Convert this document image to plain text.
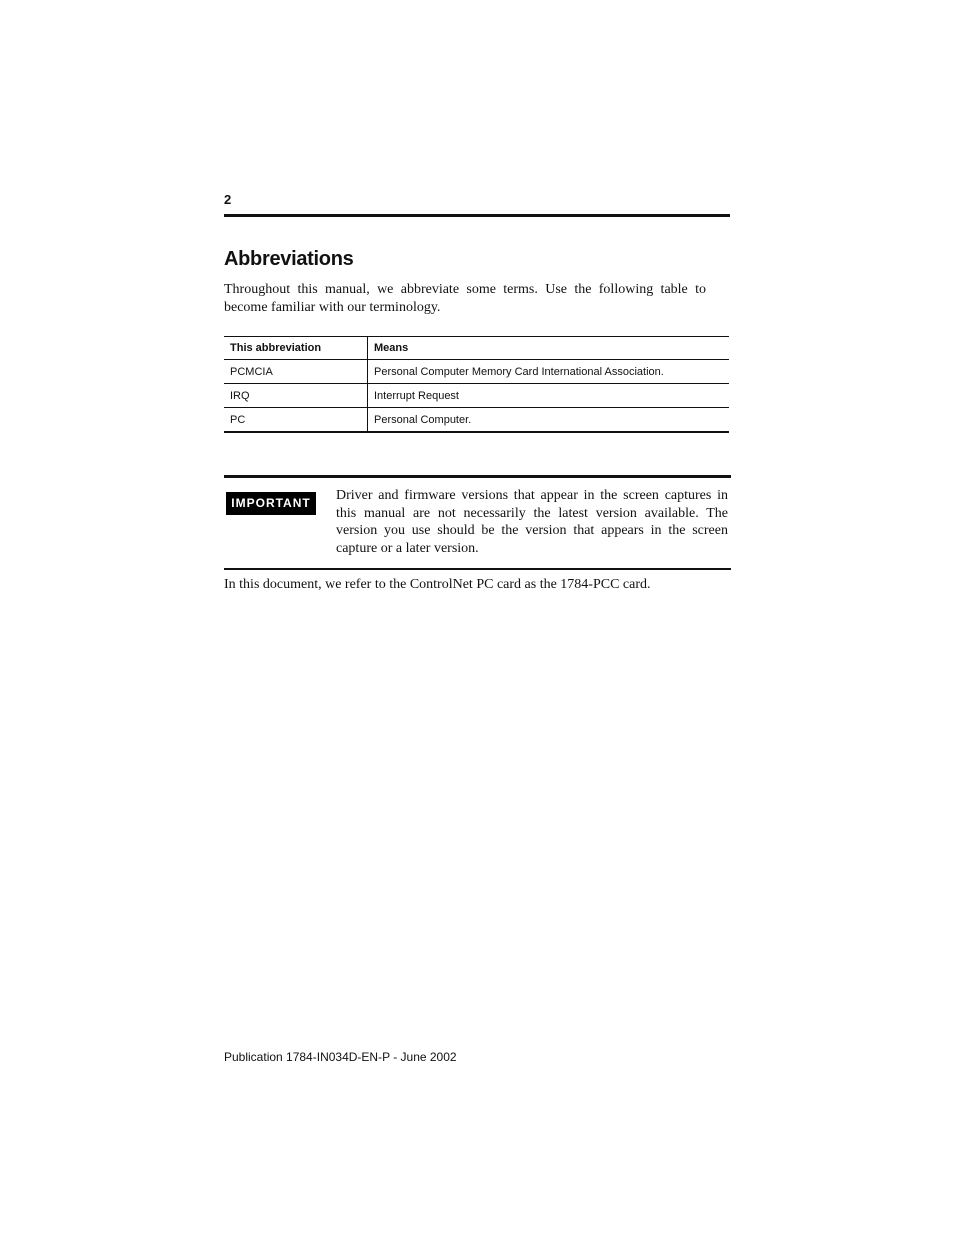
2
Abbreviations

Throughout this manual, we abbreviate some terms. Use the following table to become familiar with our terminology.

This abbreviation	Means
PCMCIA	Personal Computer Memory Card International Association.
IRQ	Interrupt Request
PC	Personal Computer.
IMPORTANT	Driver and firmware versions that appear in the screen captures in this manual are not necessarily the latest version available. The version you use should be the version that appears in the screen capture or a later version.

In this document, we refer to the ControlNet PC card as the 1784-PCC card.

Publication 1784-IN034D-EN-P - June 2002
